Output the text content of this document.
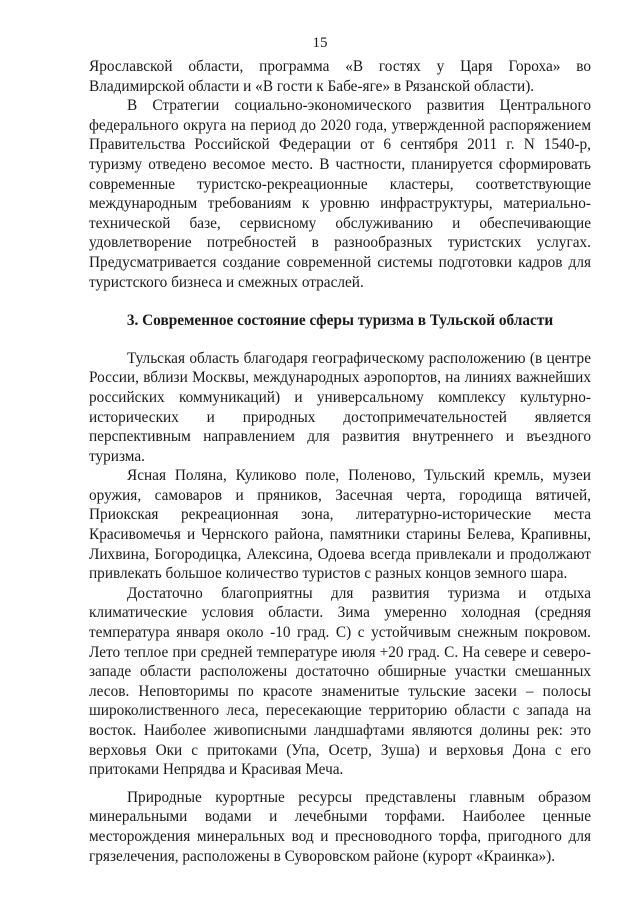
15

Ярославской области, программа «В гостях у Царя Гороха» во Владимирской области и «В гости к Бабе-яге» в Рязанской области).

В Стратегии социально-экономического развития Центрального федерального округа на период до 2020 года, утвержденной распоряжением Правительства Российской Федерации от 6 сентября 2011 г. N 1540-р, туризму отведено весомое место. В частности, планируется сформировать современные туристско-рекреационные кластеры, соответствующие международным требованиям к уровню инфраструктуры, материально-технической базе, сервисному обслуживанию и обеспечивающие удовлетворение потребностей в разнообразных туристских услугах. Предусматривается создание современной системы подготовки кадров для туристского бизнеса и смежных отраслей.

3. Современное состояние сферы туризма в Тульской области

Тульская область благодаря географическому расположению (в центре России, вблизи Москвы, международных аэропортов, на линиях важнейших российских коммуникаций) и универсальному комплексу культурно-исторических и природных достопримечательностей является перспективным направлением для развития внутреннего и въездного туризма.

Ясная Поляна, Куликово поле, Поленово, Тульский кремль, музеи оружия, самоваров и пряников, Засечная черта, городища вятичей, Приокская рекреационная зона, литературно-исторические места Красивомечья и Чернского района, памятники старины Белева, Крапивны, Лихвина, Богородицка, Алексина, Одоева всегда привлекали и продолжают привлекать большое количество туристов с разных концов земного шара.

Достаточно благоприятны для развития туризма и отдыха климатические условия области. Зима умеренно холодная (средняя температура января около -10 град. С) с устойчивым снежным покровом. Лето теплое при средней температуре июля +20 град. С. На севере и северо-западе области расположены достаточно обширные участки смешанных лесов. Неповторимы по красоте знаменитые тульские засеки – полосы широколиственного леса, пересекающие территорию области с запада на восток. Наиболее живописными ландшафтами являются долины рек: это верховья Оки с притоками (Упа, Осетр, Зуша) и верховья Дона с его притоками Непрядва и Красивая Меча.

Природные курортные ресурсы представлены главным образом минеральными водами и лечебными торфами. Наиболее ценные месторождения минеральных вод и пресноводного торфа, пригодного для грязелечения, расположены в Суворовском районе (курорт «Краинка»).
